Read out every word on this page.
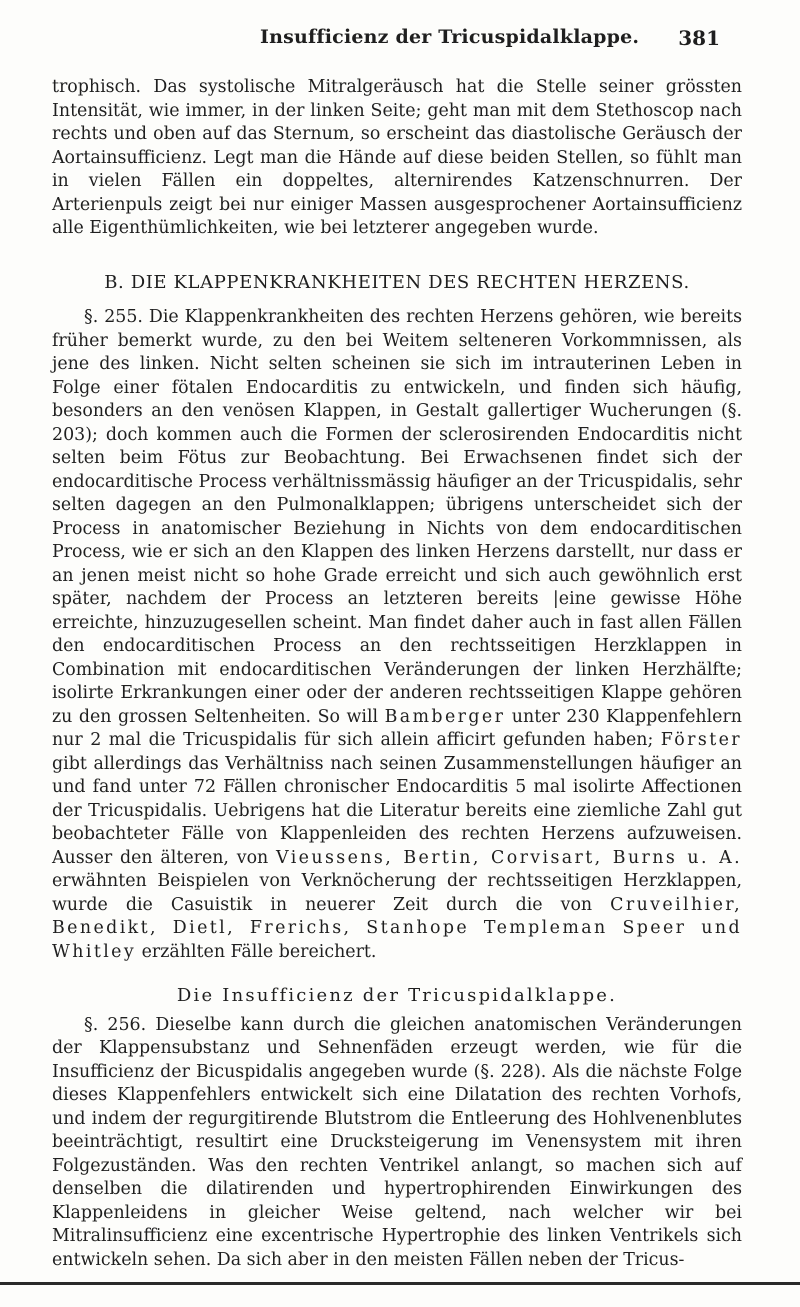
Insufficienz der Tricuspidalklappe. 381

trophisch. Das systolische Mitralgeräusch hat die Stelle seiner grössten Intensität, wie immer, in der linken Seite; geht man mit dem Stethoscop nach rechts und oben auf das Sternum, so erscheint das diastolische Geräusch der Aortainsufficienz. Legt man die Hände auf diese beiden Stellen, so fühlt man in vielen Fällen ein doppeltes, alternirendes Katzenschnurren. Der Arterienpuls zeigt bei nur einiger Massen ausgesprochener Aortainsufficienz alle Eigenthümlichkeiten, wie bei letzterer angegeben wurde.

B. DIE KLAPPENKRANKHEITEN DES RECHTEN HERZENS.

§. 255. Die Klappenkrankheiten des rechten Herzens gehören, wie bereits früher bemerkt wurde, zu den bei Weitem selteneren Vorkommnissen, als jene des linken. Nicht selten scheinen sie sich im intrauterinen Leben in Folge einer fötalen Endocarditis zu entwickeln, und finden sich häufig, besonders an den venösen Klappen, in Gestalt gallertiger Wucherungen (§. 203); doch kommen auch die Formen der sclerosirenden Endocarditis nicht selten beim Fötus zur Beobachtung. Bei Erwachsenen findet sich der endocarditische Process verhältnissmässig häufiger an der Tricuspidalis, sehr selten dagegen an den Pulmonalklappen; übrigens unterscheidet sich der Process in anatomischer Beziehung in Nichts von dem endocarditischen Process, wie er sich an den Klappen des linken Herzens darstellt, nur dass er an jenen meist nicht so hohe Grade erreicht und sich auch gewöhnlich erst später, nachdem der Process an letzteren bereits |eine gewisse Höhe erreichte, hinzuzugesellen scheint. Man findet daher auch in fast allen Fällen den endocarditischen Process an den rechtsseitigen Herzklappen in Combination mit endocarditischen Veränderungen der linken Herzhälfte; isolirte Erkrankungen einer oder der anderen rechtsseitigen Klappe gehören zu den grossen Seltenheiten. So will Bamberger unter 230 Klappenfehlern nur 2 mal die Tricuspidalis für sich allein afficirt gefunden haben; Förster gibt allerdings das Verhältniss nach seinen Zusammenstellungen häufiger an und fand unter 72 Fällen chronischer Endocarditis 5 mal isolirte Affectionen der Tricuspidalis. Uebrigens hat die Literatur bereits eine ziemliche Zahl gut beobachteter Fälle von Klappenleiden des rechten Herzens aufzuweisen. Ausser den älteren, von Vieussens, Bertin, Corvisart, Burns u. A. erwähnten Beispielen von Verknöcherung der rechtsseitigen Herzklappen, wurde die Casuistik in neuerer Zeit durch die von Cruveilhier, Benedikt, Dietl, Frerichs, Stanhope Templeman Speer und Whitley erzählten Fälle bereichert.

Die Insufficienz der Tricuspidalklappe.

§. 256. Dieselbe kann durch die gleichen anatomischen Veränderungen der Klappensubstanz und Sehnenfäden erzeugt werden, wie für die Insufficienz der Bicuspidalis angegeben wurde (§. 228). Als die nächste Folge dieses Klappenfehlers entwickelt sich eine Dilatation des rechten Vorhofs, und indem der regurgitirende Blutstrom die Entleerung des Hohlvenenblutes beeinträchtigt, resultirt eine Drucksteigerung im Venensystem mit ihren Folgezuständen. Was den rechten Ventrikel anlangt, so machen sich auf denselben die dilatirenden und hypertrophirenden Einwirkungen des Klappenleidens in gleicher Weise geltend, nach welcher wir bei Mitralinsufficienz eine excentrische Hypertrophie des linken Ventrikels sich entwickeln sehen. Da sich aber in den meisten Fällen neben der Tricus-
